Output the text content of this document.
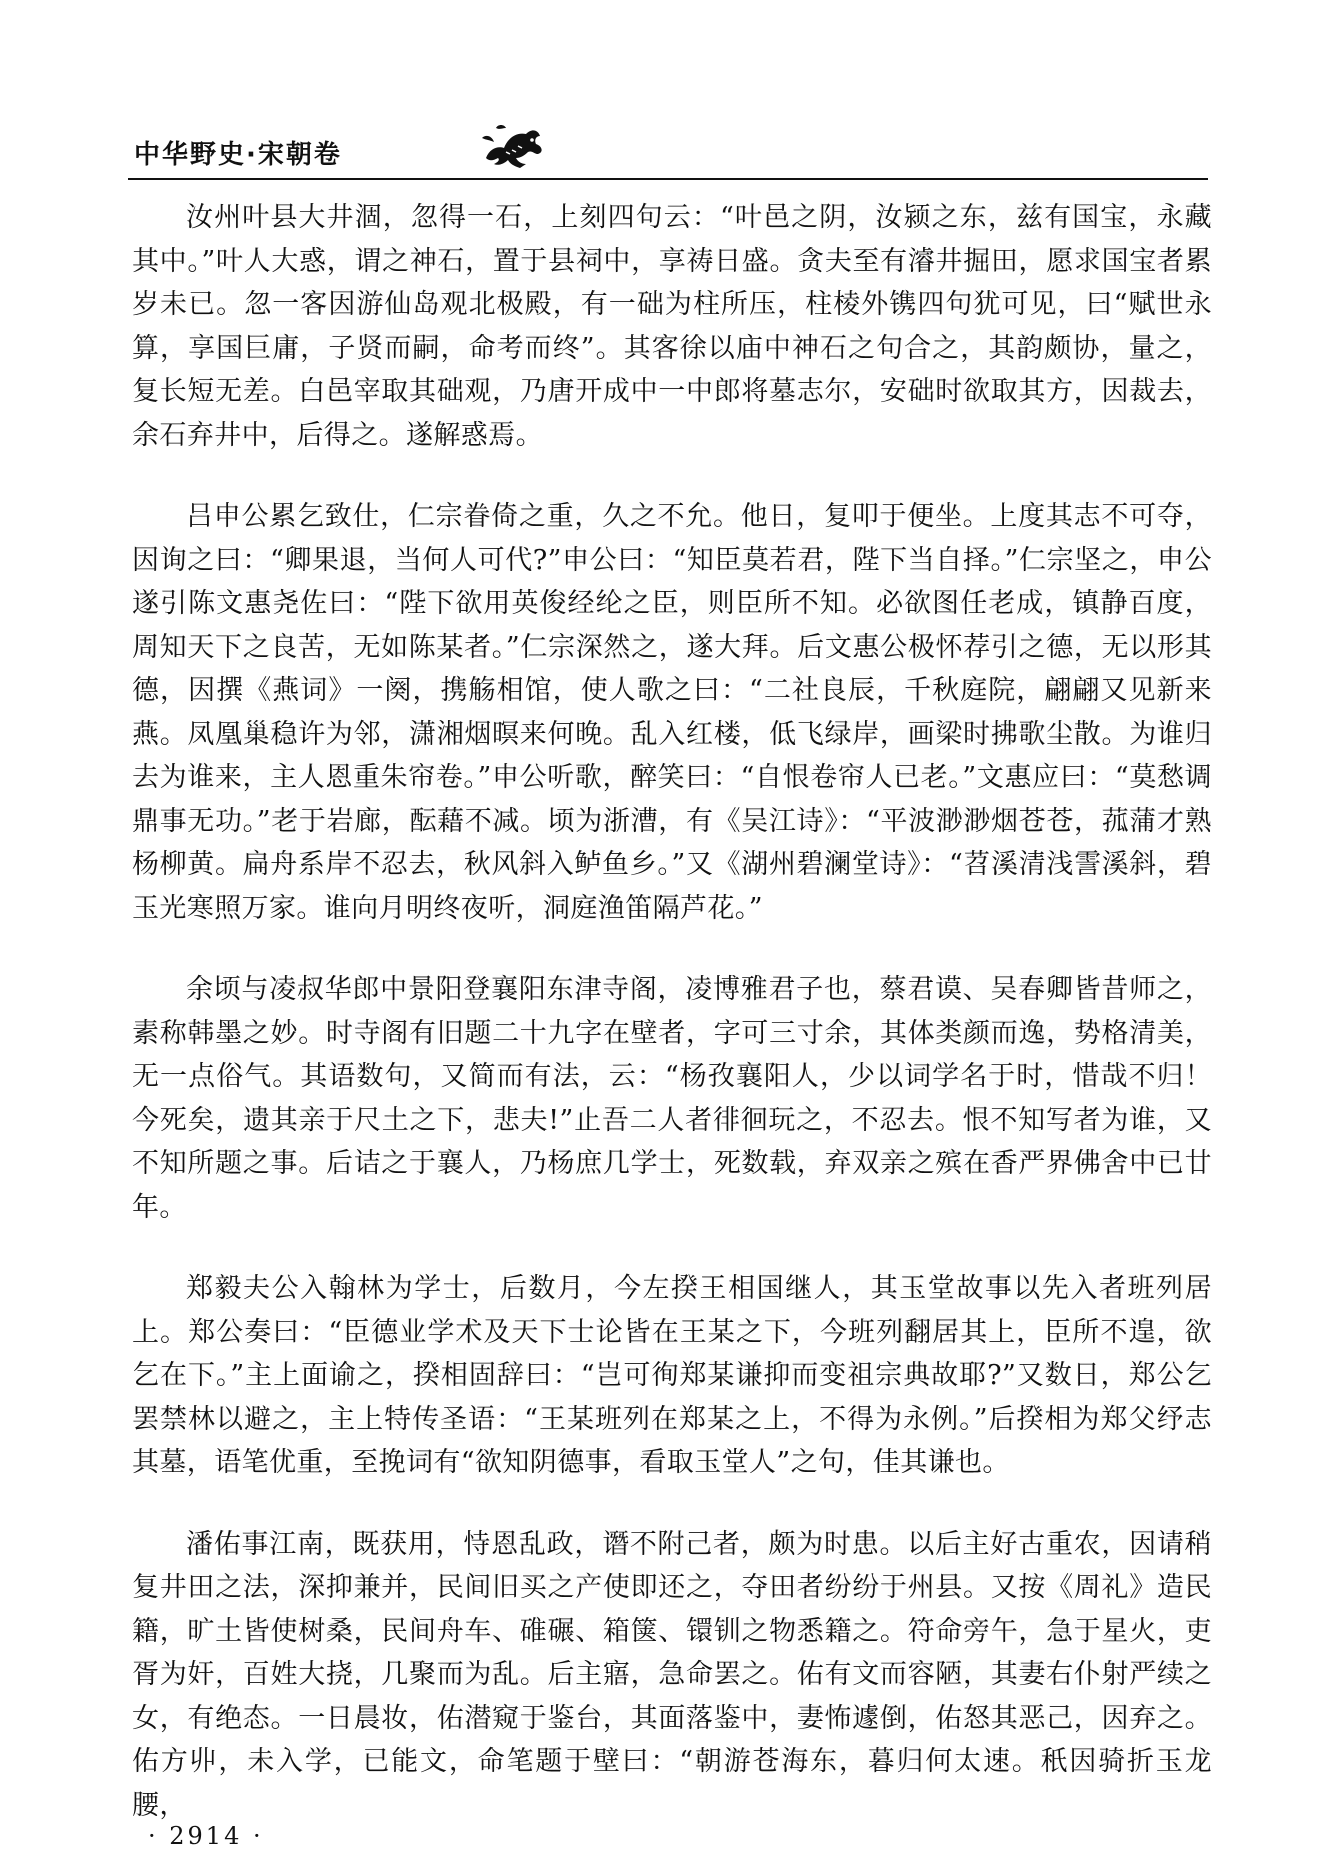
中华野史·宋朝卷

汝州叶县大井涸，忽得一石，上刻四句云：“叶邑之阴，汝颍之东，兹有国宝，永藏其中。”叶人大惑，谓之神石，置于县祠中，享祷日盛。贪夫至有濬井掘田，愿求国宝者累岁未已。忽一客因游仙岛观北极殿，有一础为柱所压，柱棱外镌四句犹可见，曰“赋世永算，享国巨庸，子贤而嗣，命考而终”。其客徐以庙中神石之句合之，其韵颇协，量之，复长短无差。白邑宰取其础观，乃唐开成中一中郎将墓志尔，安础时欲取其方，因裁去，余石弃井中，后得之。遂解惑焉。

吕申公累乞致仕，仁宗眷倚之重，久之不允。他日，复叩于便坐。上度其志不可夺，因询之曰：“卿果退，当何人可代?”申公曰：“知臣莫若君，陛下当自择。”仁宗坚之，申公遂引陈文惠尧佐曰：“陛下欲用英俊经纶之臣，则臣所不知。必欲图任老成，镇静百度，周知天下之良苦，无如陈某者。”仁宗深然之，遂大拜。后文惠公极怀荐引之德，无以形其德，因撰《燕词》一阕，携觞相馆，使人歌之曰：“二社良辰，千秋庭院，翩翩又见新来燕。凤凰巢稳许为邻，潇湘烟暝来何晚。乱入红楼，低飞绿岸，画梁时拂歌尘散。为谁归去为谁来，主人恩重朱帘卷。”申公听歌，醉笑曰：“自恨卷帘人已老。”文惠应曰：“莫愁调鼎事无功。”老于岩廊，酝藉不减。顷为浙漕，有《吴江诗》：“平波渺渺烟苍苍，菰蒲才熟杨柳黄。扁舟系岸不忍去，秋风斜入鲈鱼乡。”又《湖州碧澜堂诗》：“苕溪清浅霅溪斜，碧玉光寒照万家。谁向月明终夜听，洞庭渔笛隔芦花。”

余顷与凌叔华郎中景阳登襄阳东津寺阁，凌博雅君子也，蔡君谟、吴春卿皆昔师之，素称韩墨之妙。时寺阁有旧题二十九字在壁者，字可三寸余，其体类颜而逸，势格清美，无一点俗气。其语数句，又简而有法，云：“杨孜襄阳人，少以词学名于时，惜哉不归！今死矣，遗其亲于尺土之下，悲夫!”止吾二人者徘徊玩之，不忍去。恨不知写者为谁，又不知所题之事。后诘之于襄人，乃杨庶几学士，死数载，弃双亲之殡在香严界佛舍中已廿年。

郑毅夫公入翰林为学士，后数月，今左揆王相国继人，其玉堂故事以先入者班列居上。郑公奏曰：“臣德业学术及天下士论皆在王某之下，今班列翻居其上，臣所不遑，欲乞在下。”主上面谕之，揆相固辞曰：“岂可徇郑某谦抑而变祖宗典故耶?”又数日，郑公乞罢禁林以避之，主上特传圣语：“王某班列在郑某之上，不得为永例。”后揆相为郑父纾志其墓，语笔优重，至挽词有“欲知阴德事，看取玉堂人”之句，佳其谦也。

潘佑事江南，既获用，恃恩乱政，谮不附己者，颇为时患。以后主好古重农，因请稍复井田之法，深抑兼并，民间旧买之产使即还之，夺田者纷纷于州县。又按《周礼》造民籍，旷土皆使树桑，民间舟车、碓碾、箱箧、镮钏之物悉籍之。符命旁午，急于星火，吏胥为奸，百姓大挠，几聚而为乱。后主寤，急命罢之。佑有文而容陋，其妻右仆射严续之女，有绝态。一日晨妆，佑潜窥于鉴台，其面落鉴中，妻怖遽倒，佑怒其恶己，因弃之。佑方丱，未入学，已能文，命笔题于壁曰：“朝游苍海东，暮归何太速。秖因骑折玉龙腰，

· 2914 ·
